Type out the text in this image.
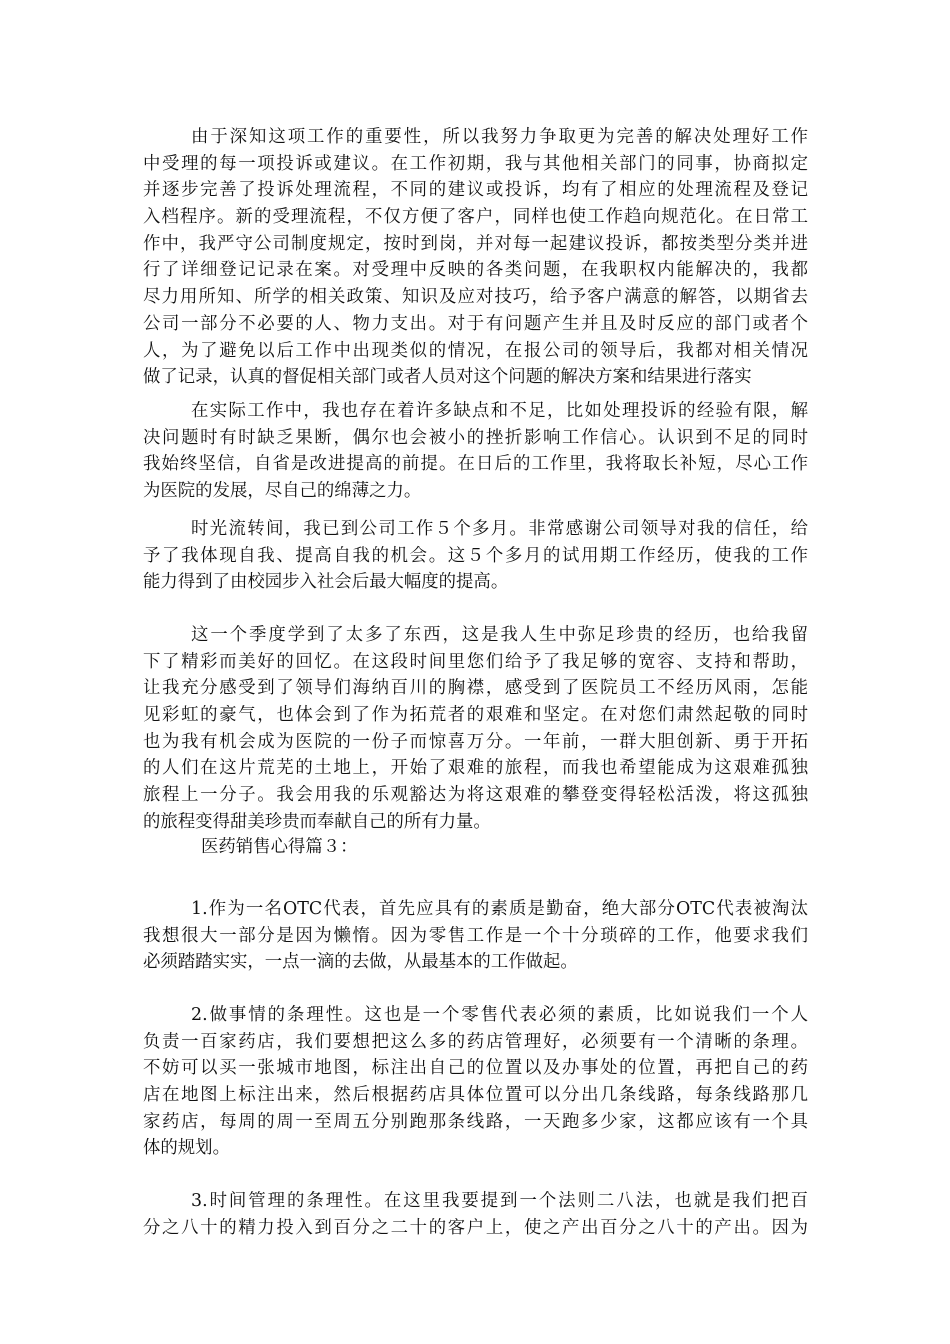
由于深知这项工作的重要性，所以我努力争取更为完善的解决处理好工作
中受理的每一项投诉或建议。在工作初期，我与其他相关部门的同事，协商拟定
并逐步完善了投诉处理流程，不同的建议或投诉，均有了相应的处理流程及登记
入档程序。新的受理流程，不仅方便了客户，同样也使工作趋向规范化。在日常工
作中，我严守公司制度规定，按时到岗，并对每一起建议投诉，都按类型分类并进
行了详细登记记录在案。对受理中反映的各类问题，在我职权内能解决的，我都
尽力用所知、所学的相关政策、知识及应对技巧，给予客户满意的解答，以期省去
公司一部分不必要的人、物力支出。对于有问题产生并且及时反应的部门或者个
人，为了避免以后工作中出现类似的情况，在报公司的领导后，我都对相关情况
做了记录，认真的督促相关部门或者人员对这个问题的解决方案和结果进行落实
在实际工作中，我也存在着许多缺点和不足，比如处理投诉的经验有限，解
决问题时有时缺乏果断，偶尔也会被小的挫折影响工作信心。认识到不足的同时
我始终坚信，自省是改进提高的前提。在日后的工作里，我将取长补短，尽心工作
为医院的发展，尽自己的绵薄之力。
时光流转间，我已到公司工作５个多月。非常感谢公司领导对我的信任，给
予了我体现自我、提高自我的机会。这５个多月的试用期工作经历，使我的工作
能力得到了由校园步入社会后最大幅度的提高。
这一个季度学到了太多了东西，这是我人生中弥足珍贵的经历，也给我留
下了精彩而美好的回忆。在这段时间里您们给予了我足够的宽容、支持和帮助，
让我充分感受到了领导们海纳百川的胸襟，感受到了医院员工不经历风雨，怎能
见彩虹的豪气，也体会到了作为拓荒者的艰难和坚定。在对您们肃然起敬的同时
也为我有机会成为医院的一份子而惊喜万分。一年前，一群大胆创新、勇于开拓
的人们在这片荒芜的土地上，开始了艰难的旅程，而我也希望能成为这艰难孤独
旅程上一分子。我会用我的乐观豁达为将这艰难的攀登变得轻松活泼，将这孤独
的旅程变得甜美珍贵而奉献自己的所有力量。
医药销售心得篇３：
1.作为一名OTC代表，首先应具有的素质是勤奋，绝大部分OTC代表被淘汰
我想很大一部分是因为懒惰。因为零售工作是一个十分琐碎的工作，他要求我们
必须踏踏实实，一点一滴的去做，从最基本的工作做起。
2.做事情的条理性。这也是一个零售代表必须的素质，比如说我们一个人
负责一百家药店，我们要想把这么多的药店管理好，必须要有一个清晰的条理。
不妨可以买一张城市地图，标注出自己的位置以及办事处的位置，再把自己的药
店在地图上标注出来，然后根据药店具体位置可以分出几条线路，每条线路那几
家药店，每周的周一至周五分别跑那条线路，一天跑多少家，这都应该有一个具
体的规划。
3.时间管理的条理性。在这里我要提到一个法则二八法，也就是我们把百
分之八十的精力投入到百分之二十的客户上，使之产出百分之八十的产出。因为
